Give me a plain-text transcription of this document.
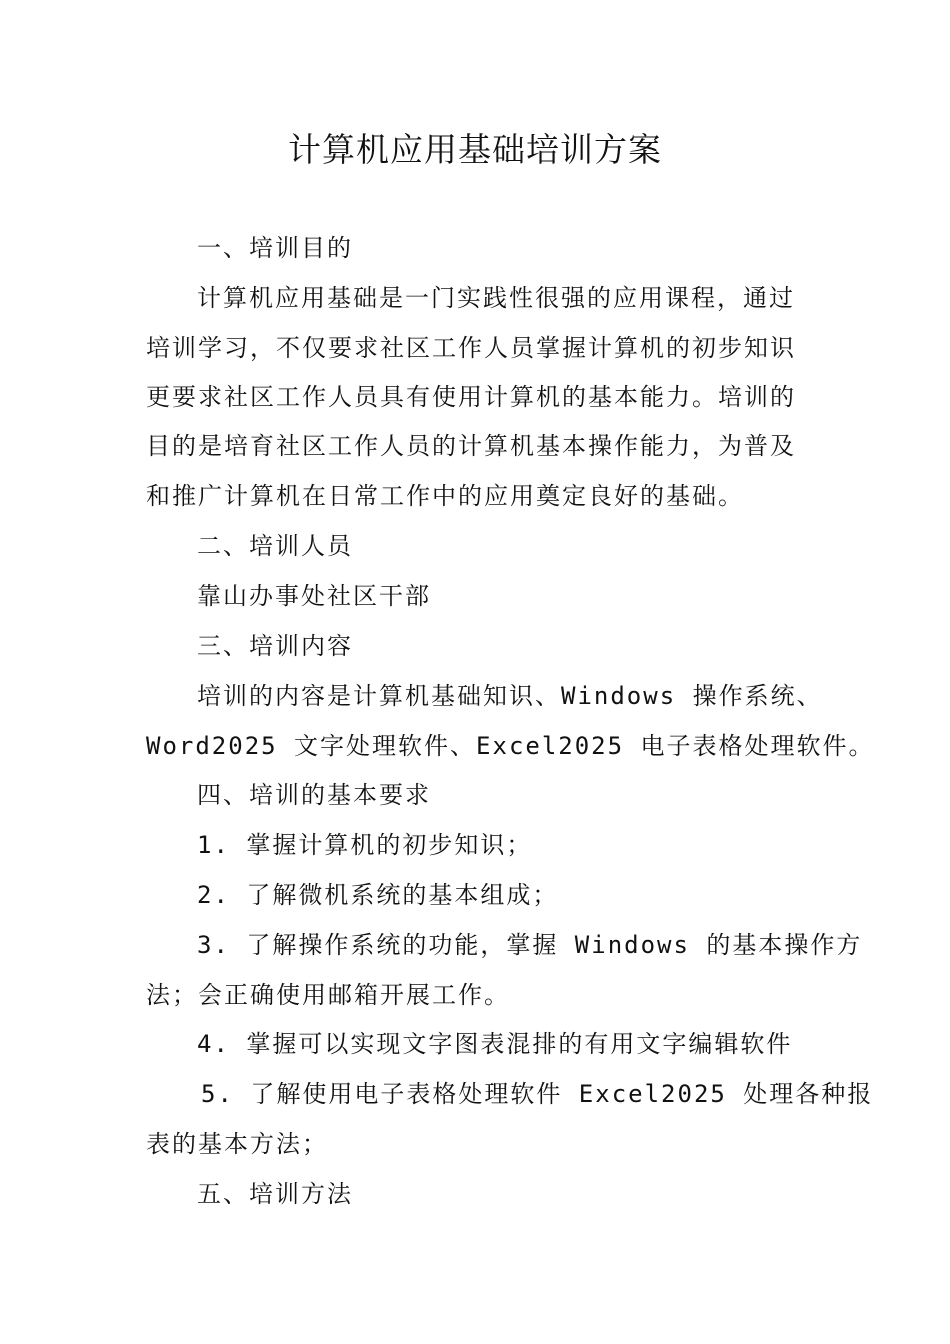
计算机应用基础培训方案
一、培训目的
计算机应用基础是一门实践性很强的应用课程，通过
培训学习，不仅要求社区工作人员掌握计算机的初步知识
更要求社区工作人员具有使用计算机的基本能力。培训的
目的是培育社区工作人员的计算机基本操作能力，为普及
和推广计算机在日常工作中的应用奠定良好的基础。
二、培训人员
靠山办事处社区干部
三、培训内容
培训的内容是计算机基础知识、Windows 操作系统、
Word2025 文字处理软件、Excel2025 电子表格处理软件。
四、培训的基本要求
1. 掌握计算机的初步知识；
2. 了解微机系统的基本组成；
3. 了解操作系统的功能，掌握 Windows 的基本操作方
法；会正确使用邮箱开展工作。
4. 掌握可以实现文字图表混排的有用文字编辑软件
5. 了解使用电子表格处理软件 Excel2025 处理各种报
表的基本方法；
五、培训方法
